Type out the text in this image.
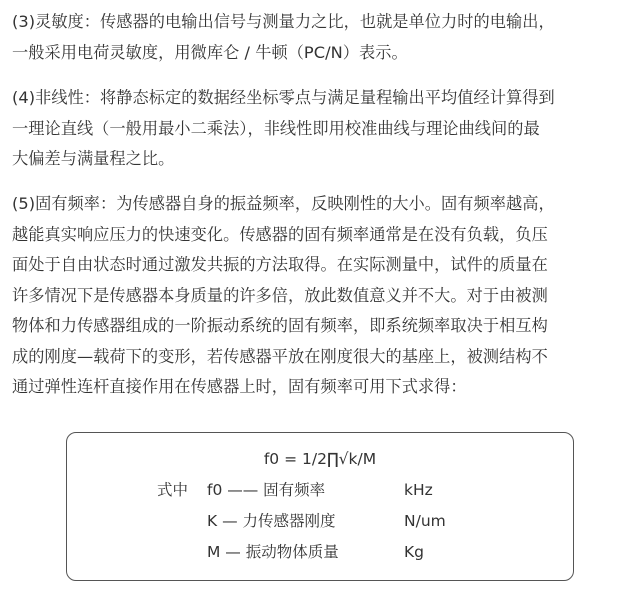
(3)灵敏度：传感器的电输出信号与测量力之比，也就是单位力时的电输出，
一般采用电荷灵敏度，用微库仑 / 牛顿（PC/N）表示。

(4)非线性：将静态标定的数据经坐标零点与满足量程输出平均值经计算得到
一理论直线（一般用最小二乘法），非线性即用校准曲线与理论曲线间的最
大偏差与满量程之比。

(5)固有频率：为传感器自身的振益频率，反映刚性的大小。固有频率越高，
越能真实响应压力的快速变化。传感器的固有频率通常是在没有负载，负压
面处于自由状态时通过激发共振的方法取得。在实际测量中，试件的质量在
许多情况下是传感器本身质量的许多倍，放此数值意义并不大。对于由被测
物体和力传感器组成的一阶振动系统的固有频率，即系统频率取决于相互构
成的刚度—载荷下的变形，若传感器平放在刚度很大的基座上，被测结构不
通过弹性连杆直接作用在传感器上时，固有频率可用下式求得：

f0 = 1/2∏√k/M
式中 f0 —— 固有频率	kHz
K — 力传感器刚度	N/um
M — 振动物体质量	Kg
